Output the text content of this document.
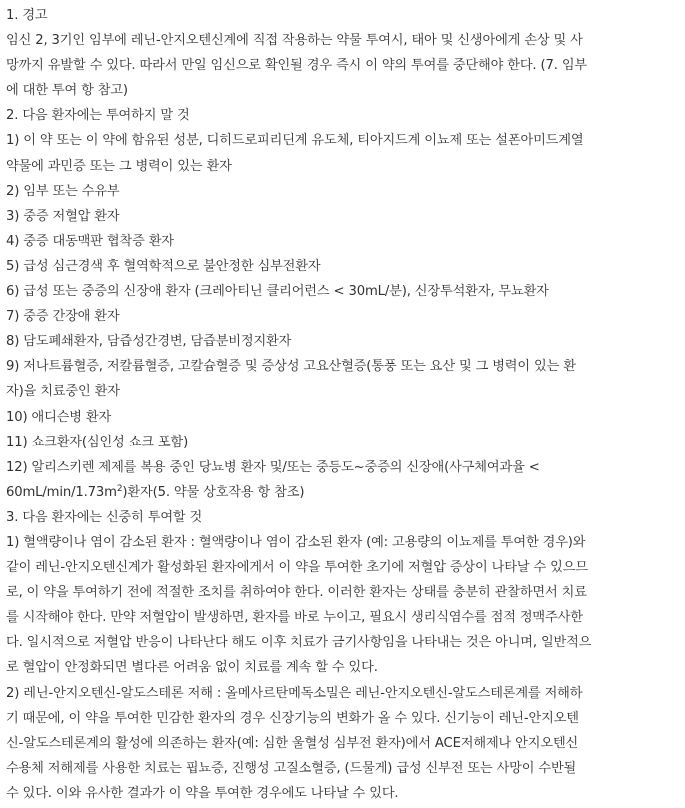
1. 경고
임신 2, 3기인 임부에 레닌-안지오텐신계에 직접 작용하는 약물 투여시, 태아 및 신생아에게 손상 및 사
망까지 유발할 수 있다. 따라서 만일 임신으로 확인될 경우 즉시 이 약의 투여를 중단해야 한다. (7. 임부
에 대한 투여 항 참고)
2. 다음 환자에는 투여하지 말 것
1) 이 약 또는 이 약에 함유된 성분, 디히드로피리딘계 유도체, 티아지드계 이뇨제 또는 설폰아미드계열
약물에 과민증 또는 그 병력이 있는 환자
2) 임부 또는 수유부
3) 중증 저혈압 환자
4) 중증 대동맥판 협착증 환자
5) 급성 심근경색 후 혈역학적으로 불안정한 심부전환자
6) 급성 또는 중증의 신장애 환자 (크레아티닌 클리어런스 < 30mL/분), 신장투석환자, 무뇨환자
7) 중증 간장애 환자
8) 담도폐쇄환자, 담즙성간경변, 담즙분비정지환자
9) 저나트륨혈증, 저칼륨혈증, 고칼슘혈증 및 증상성 고요산혈증(통풍 또는 요산 및 그 병력이 있는 환
자)을 치료중인 환자
10) 애디슨병 환자
11) 쇼크환자(심인성 쇼크 포함)
12) 알리스키렌 제제를 복용 중인 당뇨병 환자 및/또는 중등도~중증의 신장애(사구체여과율 <
$60mL/\min/1.73m^2$)환자(5. 약물 상호작용 항 참조)
3. 다음 환자에는 신중히 투여할 것
1) 혈액량이나 염이 감소된 환자 : 혈액량이나 염이 감소된 환자 (예: 고용량의 이뇨제를 투여한 경우)와
같이 레닌-안지오텐신계가 활성화된 환자에게서 이 약을 투여한 초기에 저혈압 증상이 나타날 수 있으므
로, 이 약을 투여하기 전에 적절한 조치를 취하여야 한다. 이러한 환자는 상태를 충분히 관찰하면서 치료
를 시작해야 한다. 만약 저혈압이 발생하면, 환자를 바로 누이고, 필요시 생리식염수를 점적 정맥주사한
다. 일시적으로 저혈압 반응이 나타난다 해도 이후 치료가 금기사항임을 나타내는 것은 아니며, 일반적으
로 혈압이 안정화되면 별다른 어려움 없이 치료를 계속 할 수 있다.
2) 레닌-안지오텐신-알도스테론 저해 : 올메사르탄메독소밀은 레닌-안지오텐신-알도스테론계를 저해하
기 때문에, 이 약을 투여한 민감한 환자의 경우 신장기능의 변화가 올 수 있다. 신기능이 레닌-안지오텐
신-알도스테론계의 활성에 의존하는 환자(예: 심한 울혈성 심부전 환자)에서 ACE저해제나 안지오텐신
수용체 저해제를 사용한 치료는 핍뇨증, 진행성 고질소혈증, (드물게) 급성 신부전 또는 사망이 수반될
수 있다. 이와 유사한 결과가 이 약을 투여한 경우에도 나타날 수 있다.
